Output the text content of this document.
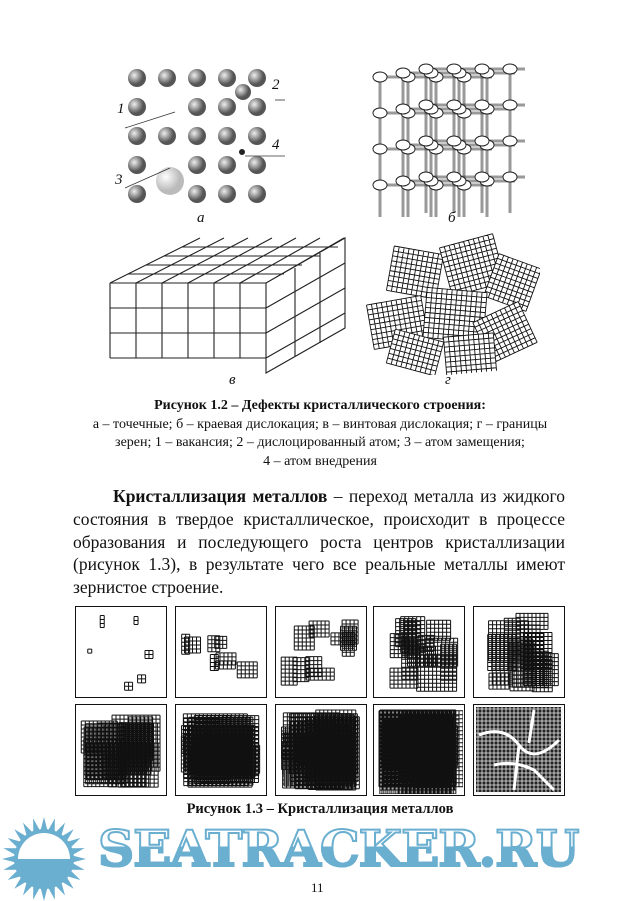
1
2
3
4
а	б
в	г
Рисунок 1.2 – Дефекты кристаллического строения:
а – точечные; б – краевая дислокация; в – винтовая дислокация; г – границы
зерен; 1 – вакансия; 2 – дислоцированный атом; 3 – атом замещения;
4 – атом внедрения

Кристаллизация металлов – переход металла из жидкого состояния в твердое кристаллическое, происходит в процессе образования и последующего роста центров кристаллизации (рисунок 1.3), в результате чего все реальные металлы имеют зернистое строение.

Рисунок 1.3 – Кристаллизация металлов
SEATRACKER.RU
11
